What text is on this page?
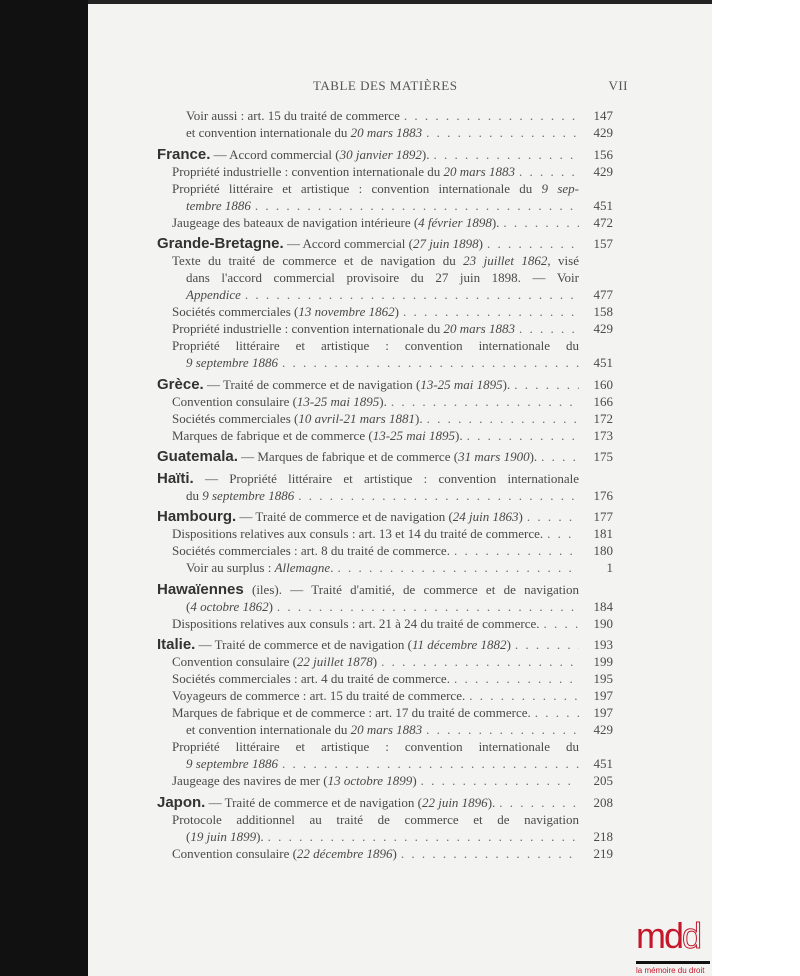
TABLE DES MATIÈRES	VII
Voir aussi : art. 15 du traité de commerce . . .	147
et convention internationale du 20 mars 1883 . . .	429
France. — Accord commercial (30 janvier 1892). . . .	156
Propriété industrielle : convention internationale du 20 mars 1883 . . .	429
Propriété littéraire et artistique : convention internationale du 9 sep-
tembre 1886 . . .	451
Jaugeage des bateaux de navigation intérieure (4 février 1898). . . .	472
Grande-Bretagne. — Accord commercial (27 juin 1898) . . .	157
Texte du traité de commerce et de navigation du 23 juillet 1862, visé
dans l'accord commercial provisoire du 27 juin 1898. — Voir
Appendice . . .	477
Sociétés commerciales (13 novembre 1862) . . .	158
Propriété industrielle : convention internationale du 20 mars 1883 . . .	429
Propriété littéraire et artistique : convention internationale du
9 septembre 1886 . . .	451
Grèce. — Traité de commerce et de navigation (13-25 mai 1895). . . .	160
Convention consulaire (13-25 mai 1895). . . .	166
Sociétés commerciales (10 avril-21 mars 1881). . . .	172
Marques de fabrique et de commerce (13-25 mai 1895). . . .	173
Guatemala. — Marques de fabrique et de commerce (31 mars 1900). . . .	175
Haïti. — Propriété littéraire et artistique : convention internationale
du 9 septembre 1886 . . .	176
Hambourg. — Traité de commerce et de navigation (24 juin 1863) . . .	177
Dispositions relatives aux consuls : art. 13 et 14 du traité de commerce. . . .	181
Sociétés commerciales : art. 8 du traité de commerce. . . .	180
Voir au surplus : Allemagne. . . .	1
Hawaïennes (iles). — Traité d'amitié, de commerce et de navigation
(4 octobre 1862) . . .	184
Dispositions relatives aux consuls : art. 21 à 24 du traité de commerce. . . .	190
Italie. — Traité de commerce et de navigation (11 décembre 1882) . . .	193
Convention consulaire (22 juillet 1878) . . .	199
Sociétés commerciales : art. 4 du traité de commerce. . . .	195
Voyageurs de commerce : art. 15 du traité de commerce. . . .	197
Marques de fabrique et de commerce : art. 17 du traité de commerce. . . .	197
et convention internationale du 20 mars 1883 . . .	429
Propriété littéraire et artistique : convention internationale du
9 septembre 1886 . . .	451
Jaugeage des navires de mer (13 octobre 1899) . . .	205
Japon. — Traité de commerce et de navigation (22 juin 1896). . . .	208
Protocole additionnel au traité de commerce et de navigation
(19 juin 1899). . . .	218
Convention consulaire (22 décembre 1896) . . .	219
mdd
la mémoire du droit
